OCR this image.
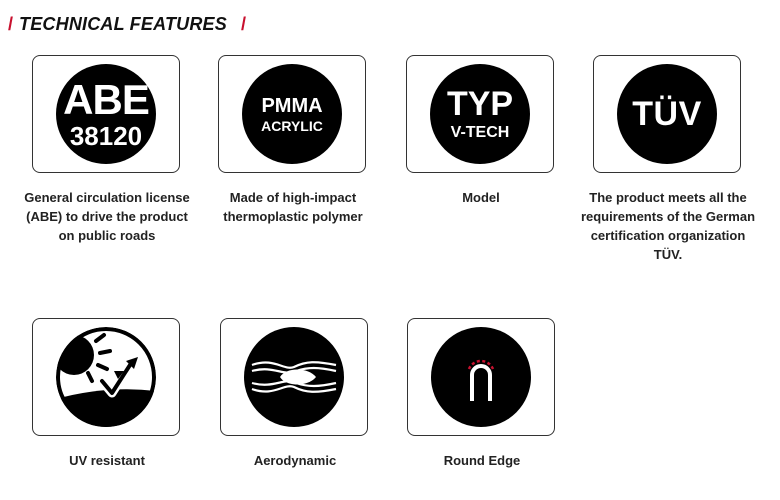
/ TECHNICAL FEATURES /
ABE
38120
General circulation license (ABE) to drive the product on public roads
PMMA
ACRYLIC
Made of high-impact thermoplastic polymer
TYP
V-TECH
Model
TÜV
The product meets all the requirements of the German certification organization TÜV.
UV resistant	Aerodynamic	Round Edge
